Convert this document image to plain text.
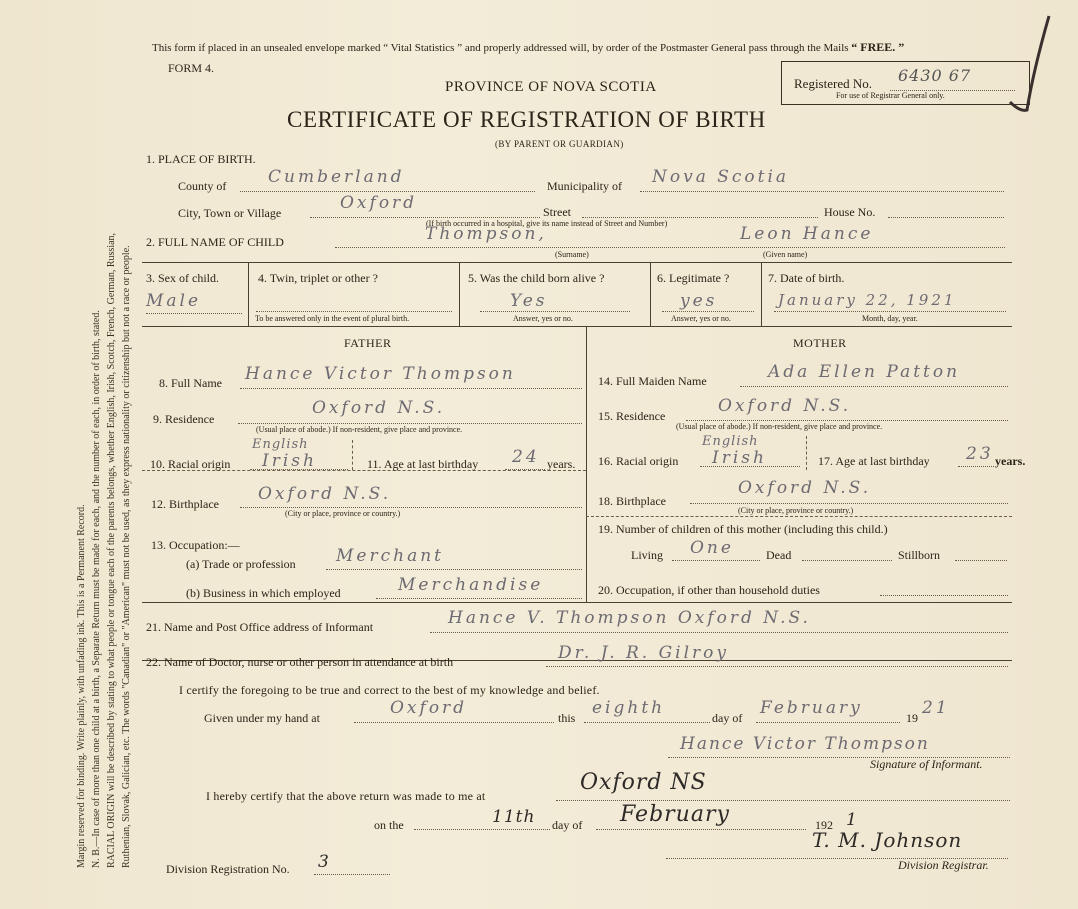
Margin reserved for binding. Write plainly, with unfading ink. This is a Permanent Record. N. B.—In case of more than one child at a birth, a Separate Return must be made for each, and the number of each, in order of birth, stated. RACIAL ORIGIN will be described by stating to what people or tongue each of the parents belongs, whether English, Irish, Scotch, French, German, Russian, Ruthenian, Slovak, Galician, etc. The words "Canadian" or "American" must not be used, as they express nationality or citizenship but not a race or people.
This form if placed in an unsealed envelope marked “ Vital Statistics ” and properly addressed will, by order of the Postmaster General pass through the Mails “ FREE. ”
FORM 4.
PROVINCE OF NOVA SCOTIA
CERTIFICATE OF REGISTRATION OF BIRTH
(BY PARENT OR GUARDIAN)
Registered No. 6430 67
For use of Registrar General only.
1. PLACE OF BIRTH.
County of Cumberland	Municipality of Nova Scotia
City, Town or Village	Oxford	Street	House No.
(If birth occurred in a hospital, give its name instead of Street and Number)
2. FULL NAME OF CHILD	Thompson,	Leon Hance
(Surname)	(Given name)
3. Sex of child.
Male
4. Twin, triplet or other ?
To be answered only in the event of plural birth.
5. Was the child born alive ?
Yes
Answer, yes or no.
6. Legitimate ?
yes
Answer, yes or no.
7. Date of birth.
January 22, 1921
Month, day, year.
FATHER	MOTHER
8. Full Name Hance Victor Thompson
9. Residence
Oxford N.S.
(Usual place of abode.) If non-resident, give place and province.
10. Racial origin
English
Irish	11. Age at last birthday 24 years.
12. Birthplace Oxford N.S.
(City or place, province or country.)
13. Occupation:—
(a) Trade or profession Merchant
(b) Business in which employed	Merchandise
14. Full Maiden Name	Ada Ellen Patton
15. Residence	Oxford N.S.
(Usual place of abode.) If non-resident, give place and province.
16. Racial origin
English
Irish	17. Age at last birthday 23 years.
18. Birthplace
Oxford N.S.
(City or place, province or country.)
19. Number of children of this mother (including this child.)
Living One	Dead	Stillborn
20. Occupation, if other than household duties
21. Name and Post Office address of Informant	Hance V. Thompson Oxford N.S.
22. Name of Doctor, nurse or other person in attendance at birth	Dr. J. R. Gilroy
I certify the foregoing to be true and correct to the best of my knowledge and belief.
Given under my hand at	Oxford	this eighth	day of February	19 21
Hance Victor Thompson
Signature of Informant.
I hereby certify that the above return was made to me at
Oxford NS
on the	11th day of February	192 1
Division Registration No. 3
T. M. Johnson
Division Registrar.
